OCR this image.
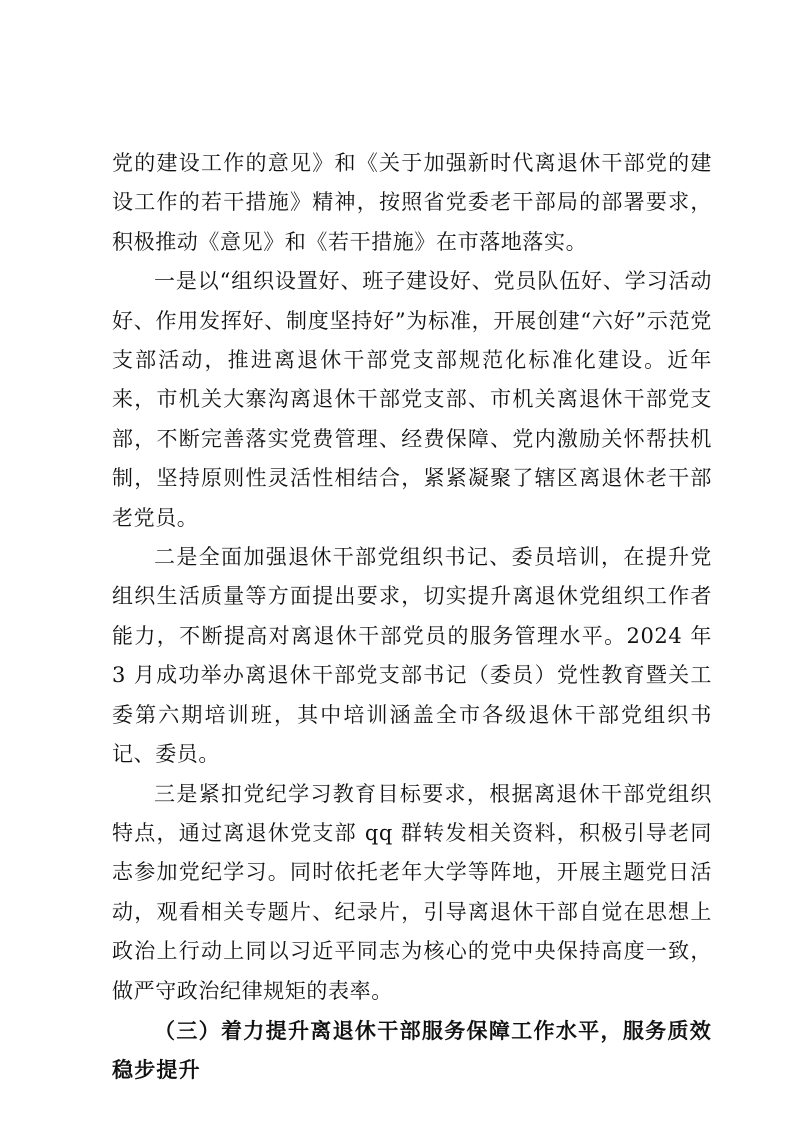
党的建设工作的意见》和《关于加强新时代离退休干部党的建设工作的若干措施》精神，按照省党委老干部局的部署要求，积极推动《意见》和《若干措施》在市落地落实。

一是以“组织设置好、班子建设好、党员队伍好、学习活动好、作用发挥好、制度坚持好”为标准，开展创建“六好”示范党支部活动，推进离退休干部党支部规范化标准化建设。近年来，市机关大寨沟离退休干部党支部、市机关离退休干部党支部，不断完善落实党费管理、经费保障、党内激励关怀帮扶机制，坚持原则性灵活性相结合，紧紧凝聚了辖区离退休老干部老党员。

二是全面加强退休干部党组织书记、委员培训，在提升党组织生活质量等方面提出要求，切实提升离退休党组织工作者能力，不断提高对离退休干部党员的服务管理水平。2024 年 3 月成功举办离退休干部党支部书记（委员）党性教育暨关工委第六期培训班，其中培训涵盖全市各级退休干部党组织书记、委员。

三是紧扣党纪学习教育目标要求，根据离退休干部党组织特点，通过离退休党支部 qq 群转发相关资料，积极引导老同志参加党纪学习。同时依托老年大学等阵地，开展主题党日活动，观看相关专题片、纪录片，引导离退休干部自觉在思想上政治上行动上同以习近平同志为核心的党中央保持高度一致，做严守政治纪律规矩的表率。

（三）着力提升离退休干部服务保障工作水平，服务质效稳步提升
